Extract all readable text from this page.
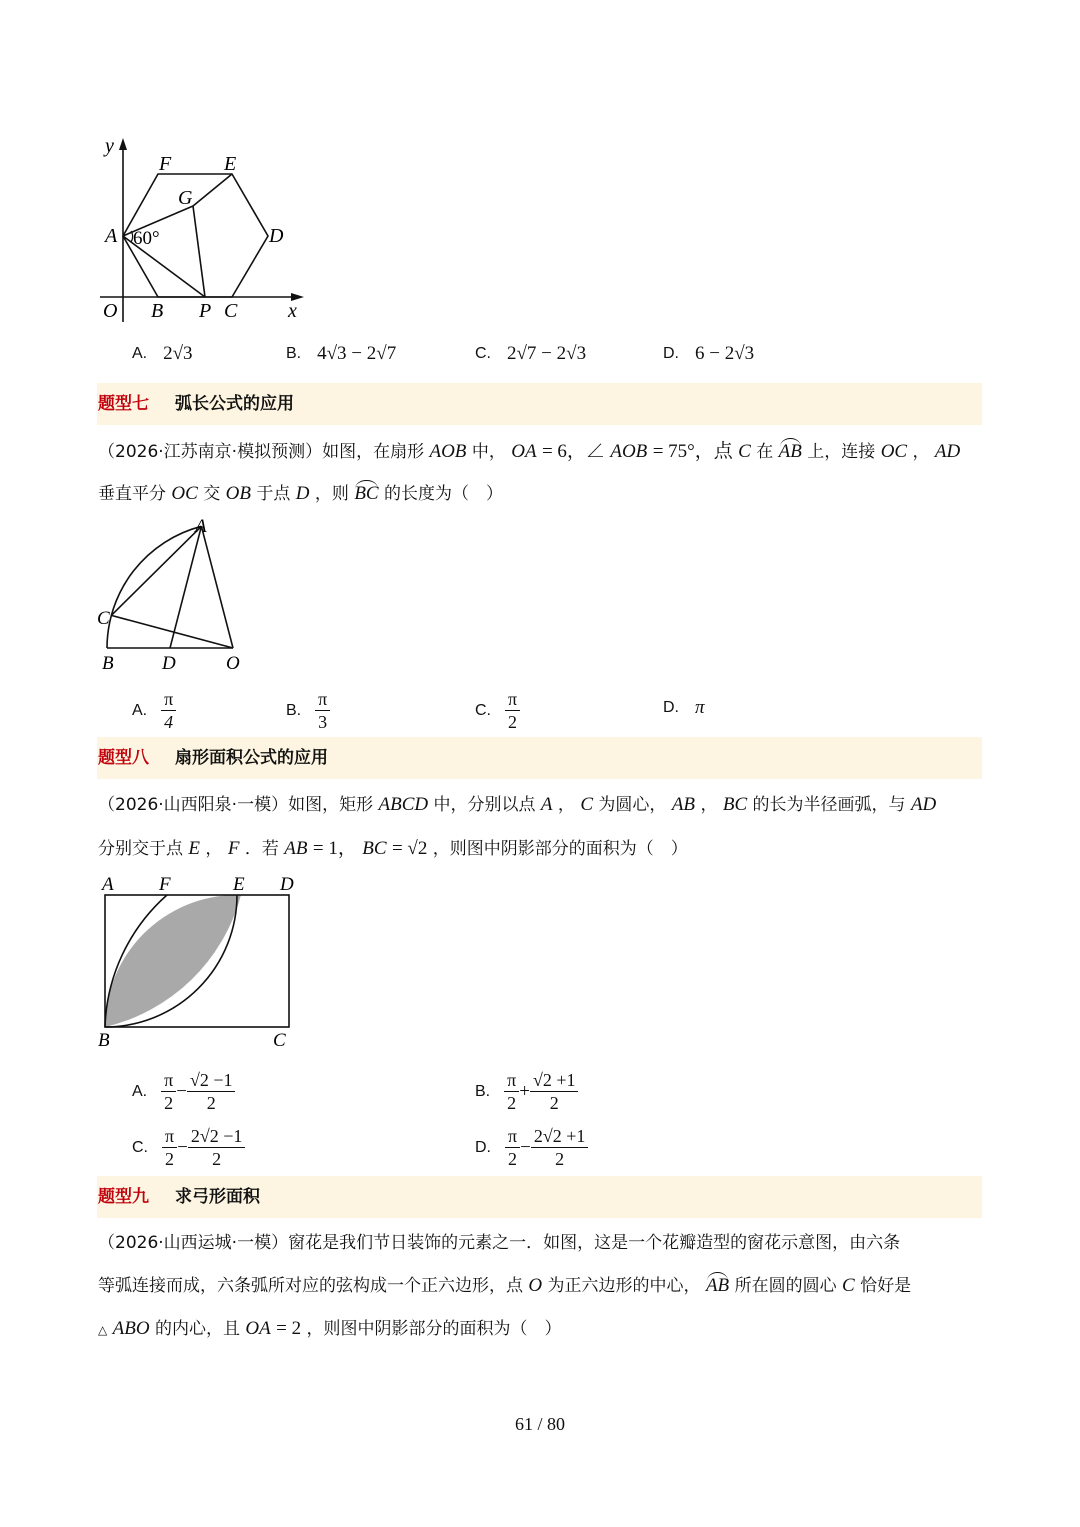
y
x
F	E
G
A 60°	D
O B P C
A. 2√3	B. 4√3 − 2√7	C. 2√7 − 2√3	D. 6 − 2√3
题型七 弧长公式的应用
（2026·江苏南京·模拟预测）如图，在扇形 AOB 中， OA = 6，∠ AOB = 75°，点 C 在 AB 上，连接 OC ， AD
垂直平分 OC 交 OB 于点 D ，则 BC 的长度为（　）
A
C
B	D	O
A. $\frac{\pi}{4}$	B. $\frac{\pi}{3}$	C. $\frac{\pi}{2}$	D. π
题型八 扇形面积公式的应用
（2026·山西阳泉·一模）如图，矩形 ABCD 中，分别以点 A ， C 为圆心， AB ， BC 的长为半径画弧，与 AD
分别交于点 E ， F ．若 AB = 1， BC = √2 ，则图中阴影部分的面积为（　）
A F	E D
B	C
A. $\frac{\pi}{2} - \frac{√2 -1}{2}$	B. $\frac{\pi}{2} + \frac{√2 +1}{2}$
C. $\frac{\pi}{2} - \frac{2√2 -1}{2}$	D. $\frac{\pi}{2} - \frac{2√2 +1}{2}$
题型九 求弓形面积
（2026·山西运城·一模）窗花是我们节日装饰的元素之一．如图，这是一个花瓣造型的窗花示意图，由六条
等弧连接而成，六条弧所对应的弦构成一个正六边形，点 O 为正六边形的中心， AB 所在圆的圆心 C 恰好是
△ ABO 的内心，且 OA = 2 ，则图中阴影部分的面积为（　）
61 / 80
